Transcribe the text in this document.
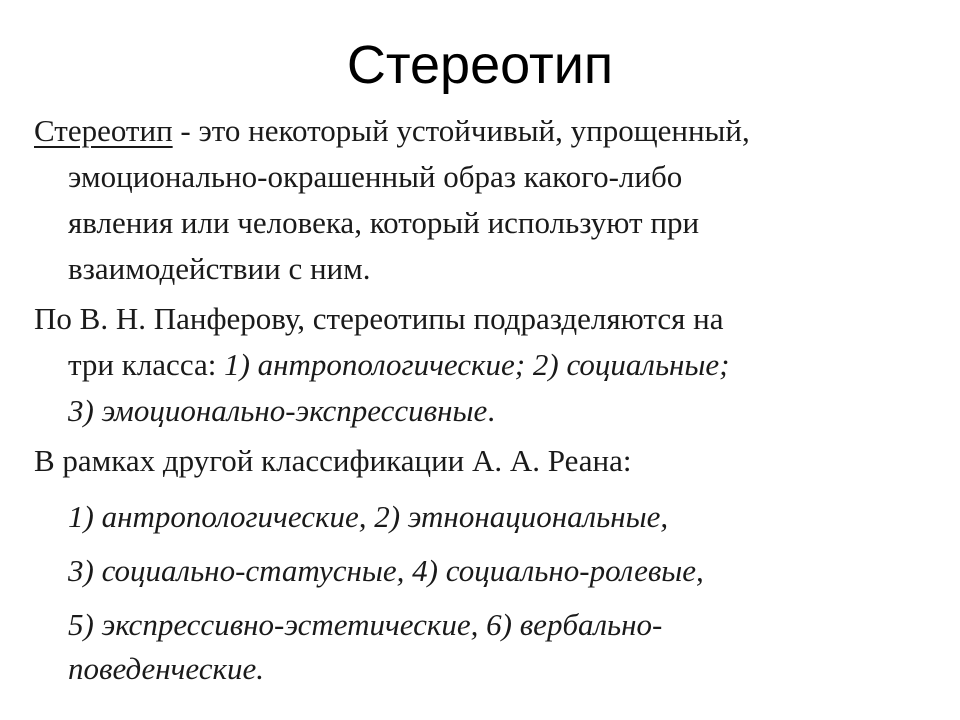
Стереотип
Стереотип - это некоторый устойчивый, упрощенный,
эмоционально-окрашенный образ какого-либо
явления или человека, который используют при
взаимодействии с ним.
По В. Н. Панферову, стереотипы подразделяются на
три класса: 1) антропологические; 2) социальные;
3) эмоционально-экспрессивные.
В рамках другой классификации А. А. Реана:
1) антропологические, 2) этнонациональные,
3) социально-статусные, 4) социально-ролевые,
5) экспрессивно-эстетические, 6) вербально-
поведенческие.
